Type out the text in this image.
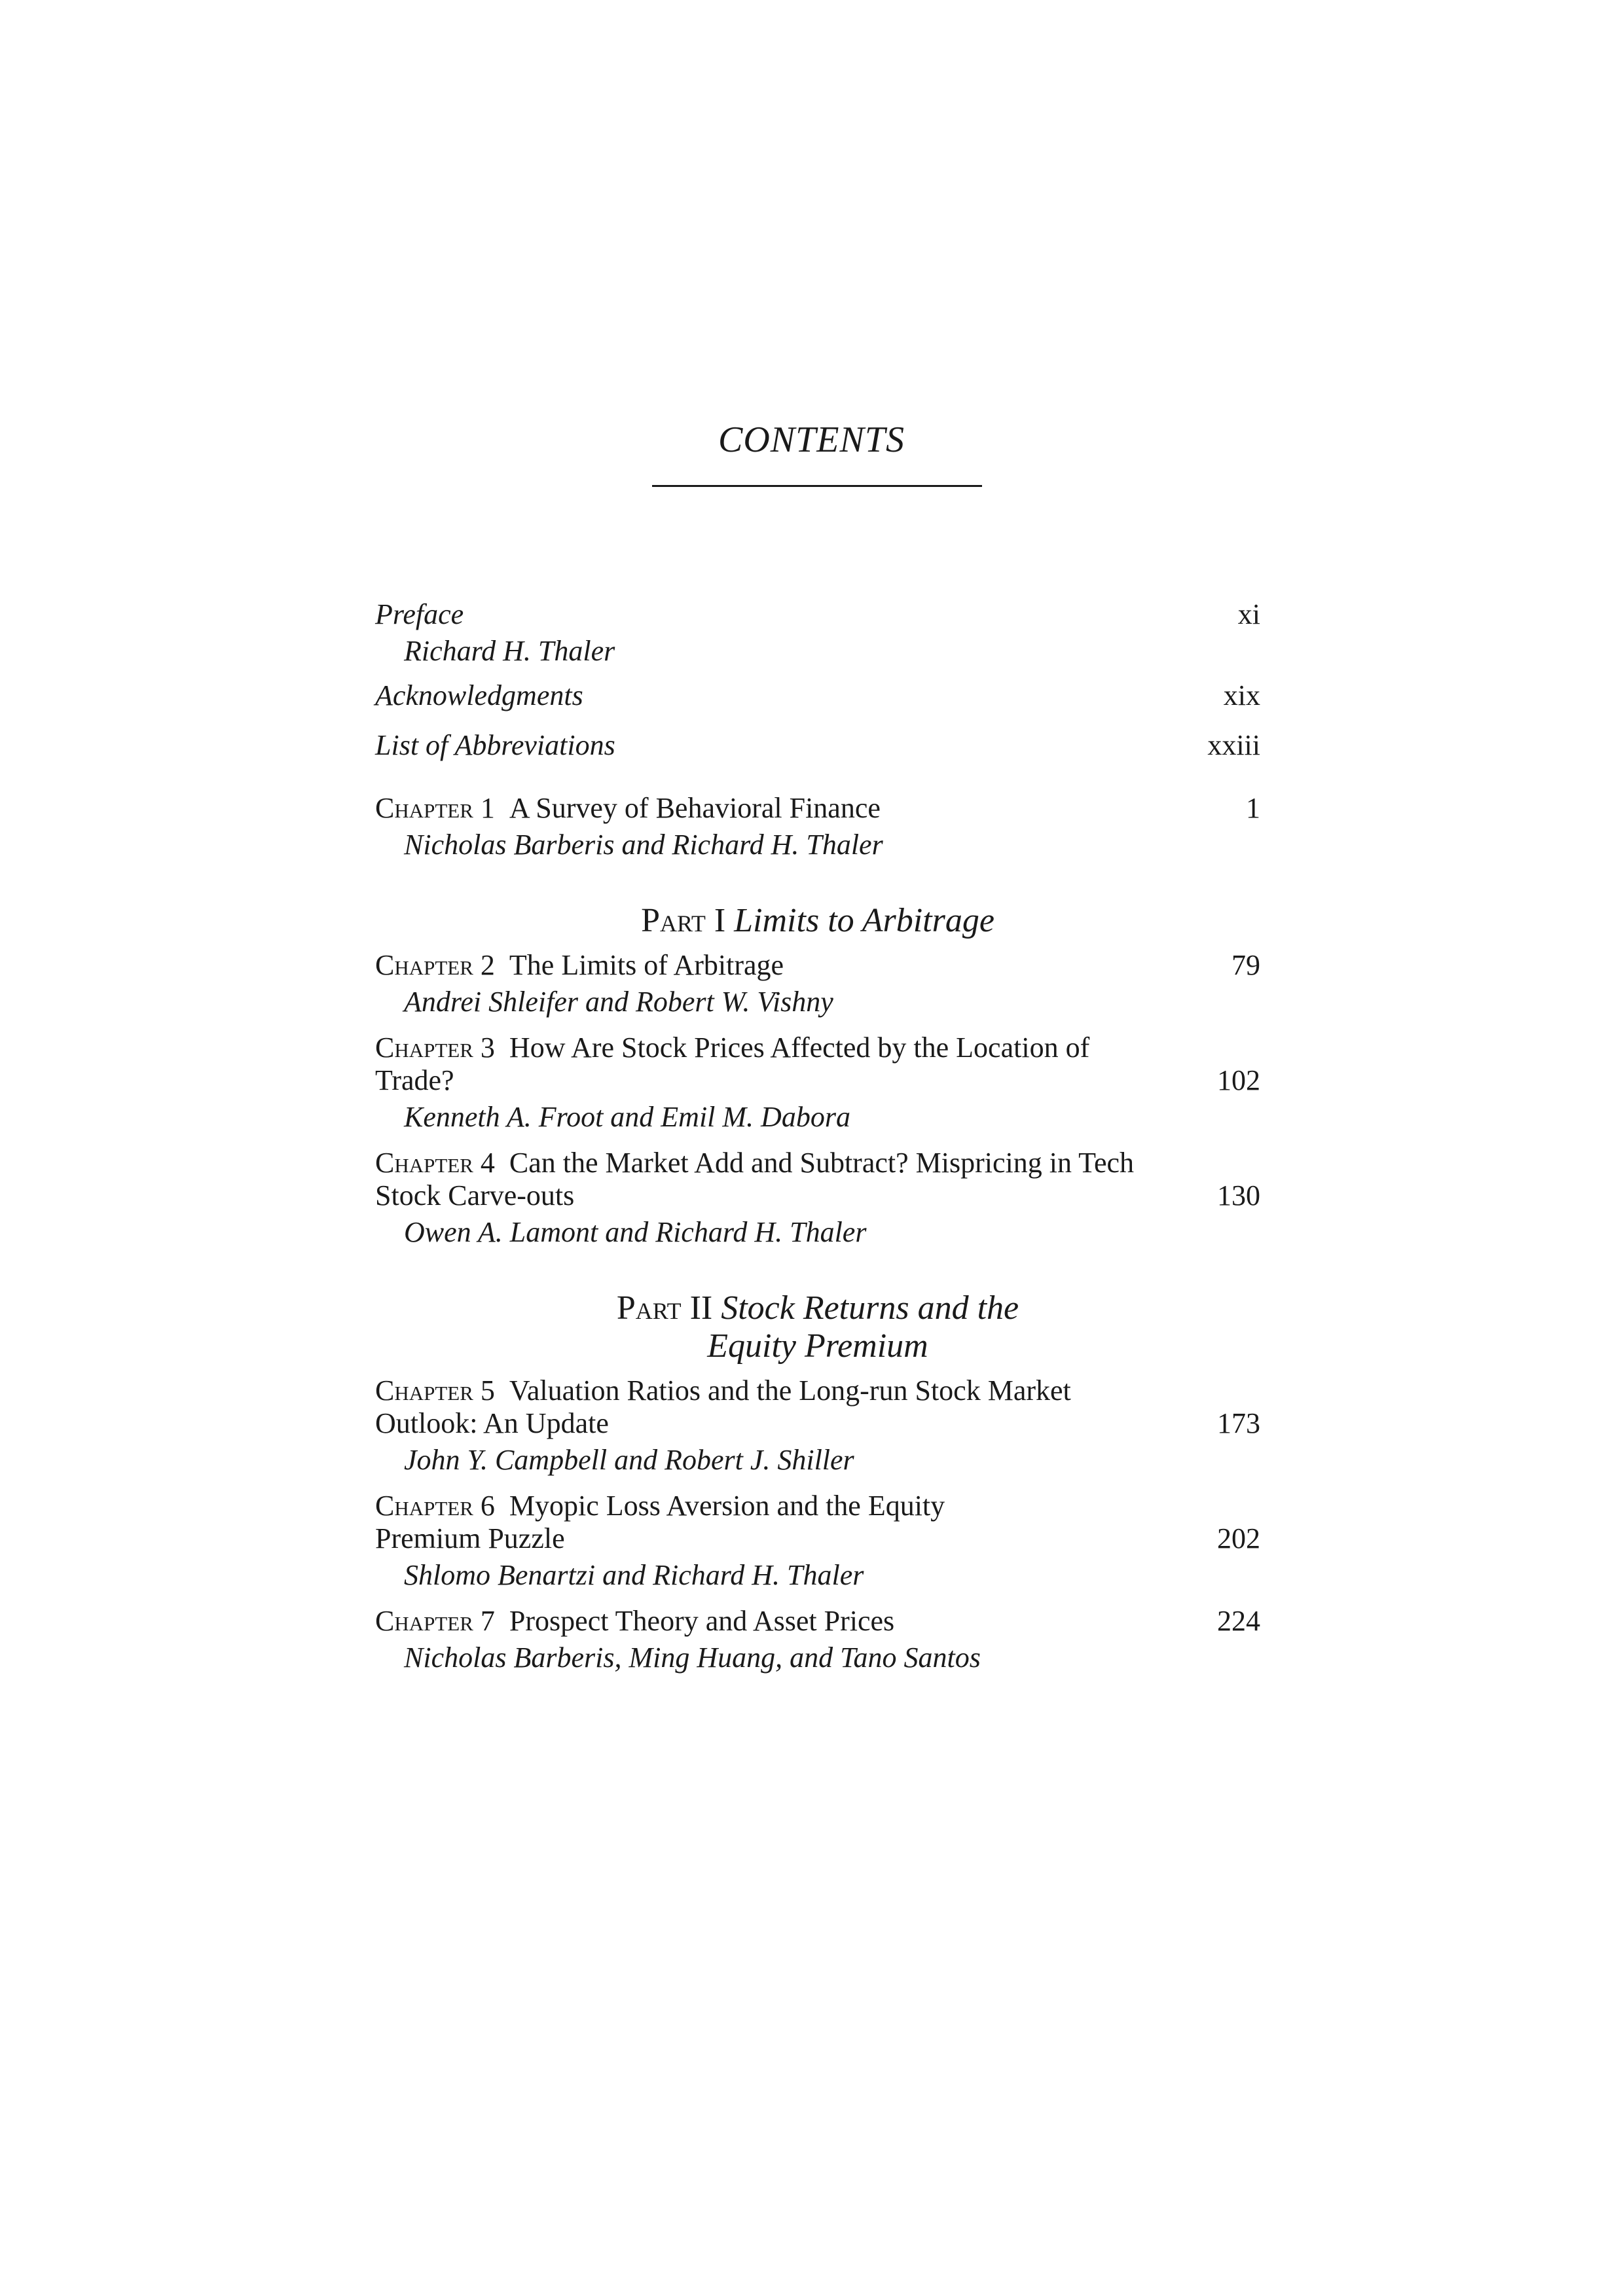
CONTENTS
Preface	xi
Richard H. Thaler
Acknowledgments	xix
List of Abbreviations	xxiii
Chapter 1 A Survey of Behavioral Finance	1
Nicholas Barberis and Richard H. Thaler
Part I Limits to Arbitrage
Chapter 2 The Limits of Arbitrage	79
Andrei Shleifer and Robert W. Vishny
Chapter 3 How Are Stock Prices Affected by the Location of
Trade?	102
Kenneth A. Froot and Emil M. Dabora
Chapter 4 Can the Market Add and Subtract? Mispricing in Tech
Stock Carve-outs	130
Owen A. Lamont and Richard H. Thaler
Part II Stock Returns and the
Equity Premium
Chapter 5 Valuation Ratios and the Long-run Stock Market
Outlook: An Update	173
John Y. Campbell and Robert J. Shiller
Chapter 6 Myopic Loss Aversion and the Equity
Premium Puzzle	202
Shlomo Benartzi and Richard H. Thaler
Chapter 7 Prospect Theory and Asset Prices	224
Nicholas Barberis, Ming Huang, and Tano Santos
